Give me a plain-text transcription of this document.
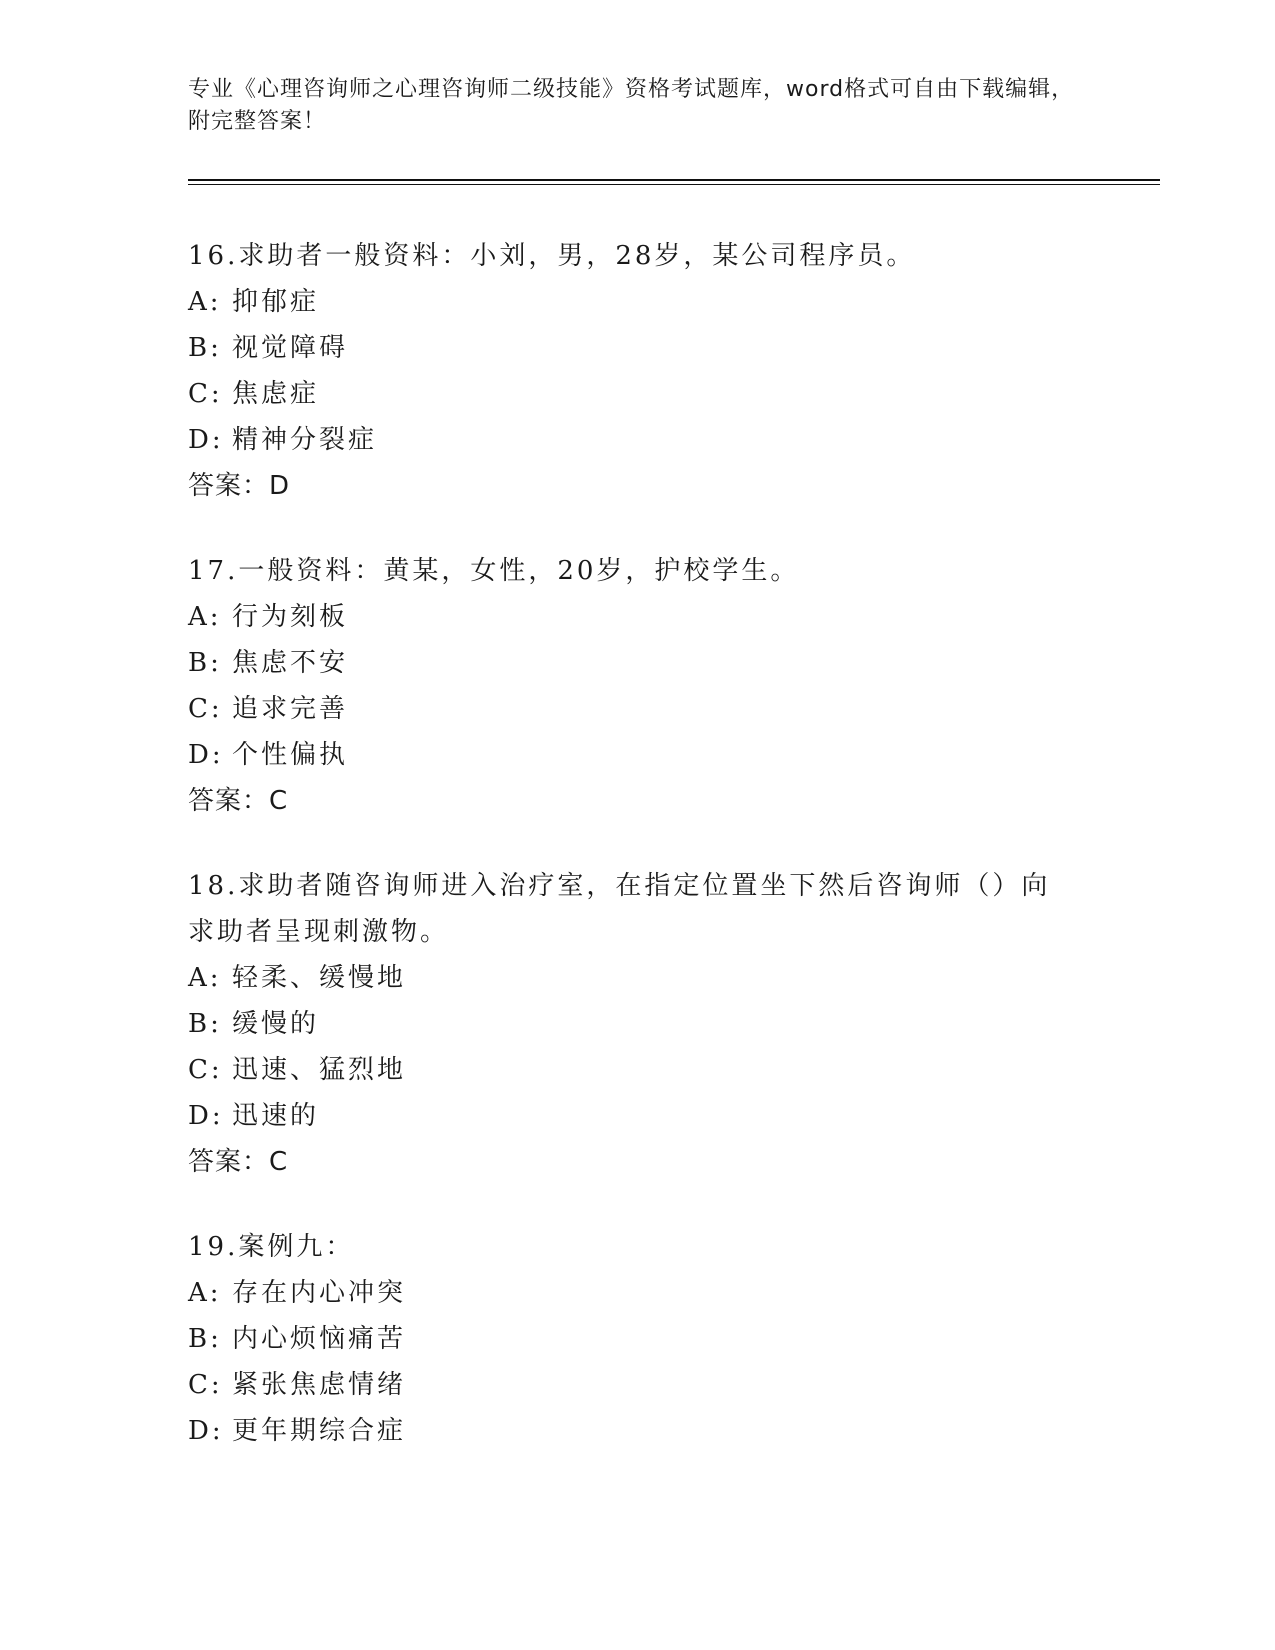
专业《心理咨询师之心理咨询师二级技能》资格考试题库，word格式可自由下载编辑，附完整答案！

16.求助者一般资料：小刘，男，28岁，某公司程序员。

A: 抑郁症

B: 视觉障碍

C: 焦虑症

D: 精神分裂症

答案：D

17.一般资料：黄某，女性，20岁，护校学生。

A: 行为刻板

B: 焦虑不安

C: 追求完善

D: 个性偏执

答案：C

18.求助者随咨询师进入治疗室，在指定位置坐下然后咨询师（）向求助者呈现刺激物。

A: 轻柔、缓慢地

B: 缓慢的

C: 迅速、猛烈地

D: 迅速的

答案：C

19.案例九：

A: 存在内心冲突

B: 内心烦恼痛苦

C: 紧张焦虑情绪

D: 更年期综合症
